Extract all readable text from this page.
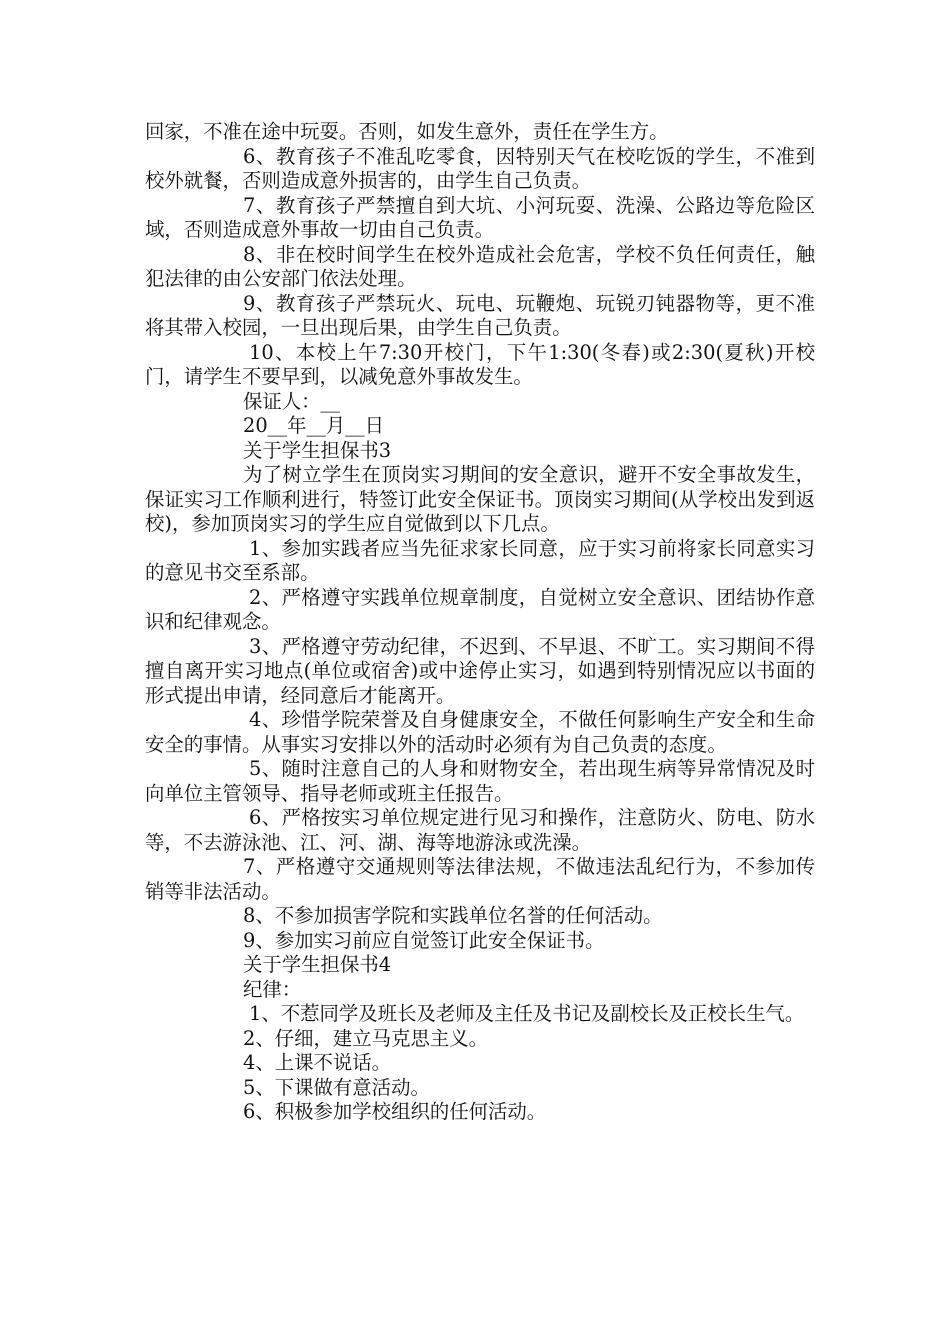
回家，不准在途中玩耍。否则，如发生意外，责任在学生方。

6、教育孩子不准乱吃零食，因特别天气在校吃饭的学生，不准到校外就餐，否则造成意外损害的，由学生自己负责。

7、教育孩子严禁擅自到大坑、小河玩耍、洗澡、公路边等危险区域，否则造成意外事故一切由自己负责。

8、非在校时间学生在校外造成社会危害，学校不负任何责任，触犯法律的由公安部门依法处理。

9、教育孩子严禁玩火、玩电、玩鞭炮、玩锐刃钝器物等，更不准将其带入校园，一旦出现后果，由学生自己负责。

10、本校上午7:30开校门，下午1:30(冬春)或2:30(夏秋)开校门，请学生不要早到，以减免意外事故发生。

保证人：__

20__年__月__日

关于学生担保书3

为了树立学生在顶岗实习期间的安全意识，避开不安全事故发生，保证实习工作顺利进行，特签订此安全保证书。顶岗实习期间(从学校出发到返校)，参加顶岗实习的学生应自觉做到以下几点。

1、参加实践者应当先征求家长同意，应于实习前将家长同意实习的意见书交至系部。

2、严格遵守实践单位规章制度，自觉树立安全意识、团结协作意识和纪律观念。

3、严格遵守劳动纪律，不迟到、不早退、不旷工。实习期间不得擅自离开实习地点(单位或宿舍)或中途停止实习，如遇到特别情况应以书面的形式提出申请，经同意后才能离开。

4、珍惜学院荣誉及自身健康安全，不做任何影响生产安全和生命安全的事情。从事实习安排以外的活动时必须有为自己负责的态度。

5、随时注意自己的人身和财物安全，若出现生病等异常情况及时向单位主管领导、指导老师或班主任报告。

6、严格按实习单位规定进行见习和操作，注意防火、防电、防水等，不去游泳池、江、河、湖、海等地游泳或洗澡。

7、严格遵守交通规则等法律法规，不做违法乱纪行为，不参加传销等非法活动。

8、不参加损害学院和实践单位名誉的任何活动。

9、参加实习前应自觉签订此安全保证书。

关于学生担保书4

纪律：

1、不惹同学及班长及老师及主任及书记及副校长及正校长生气。

2、仔细，建立马克思主义。

4、上课不说话。

5、下课做有意活动。

6、积极参加学校组织的任何活动。
